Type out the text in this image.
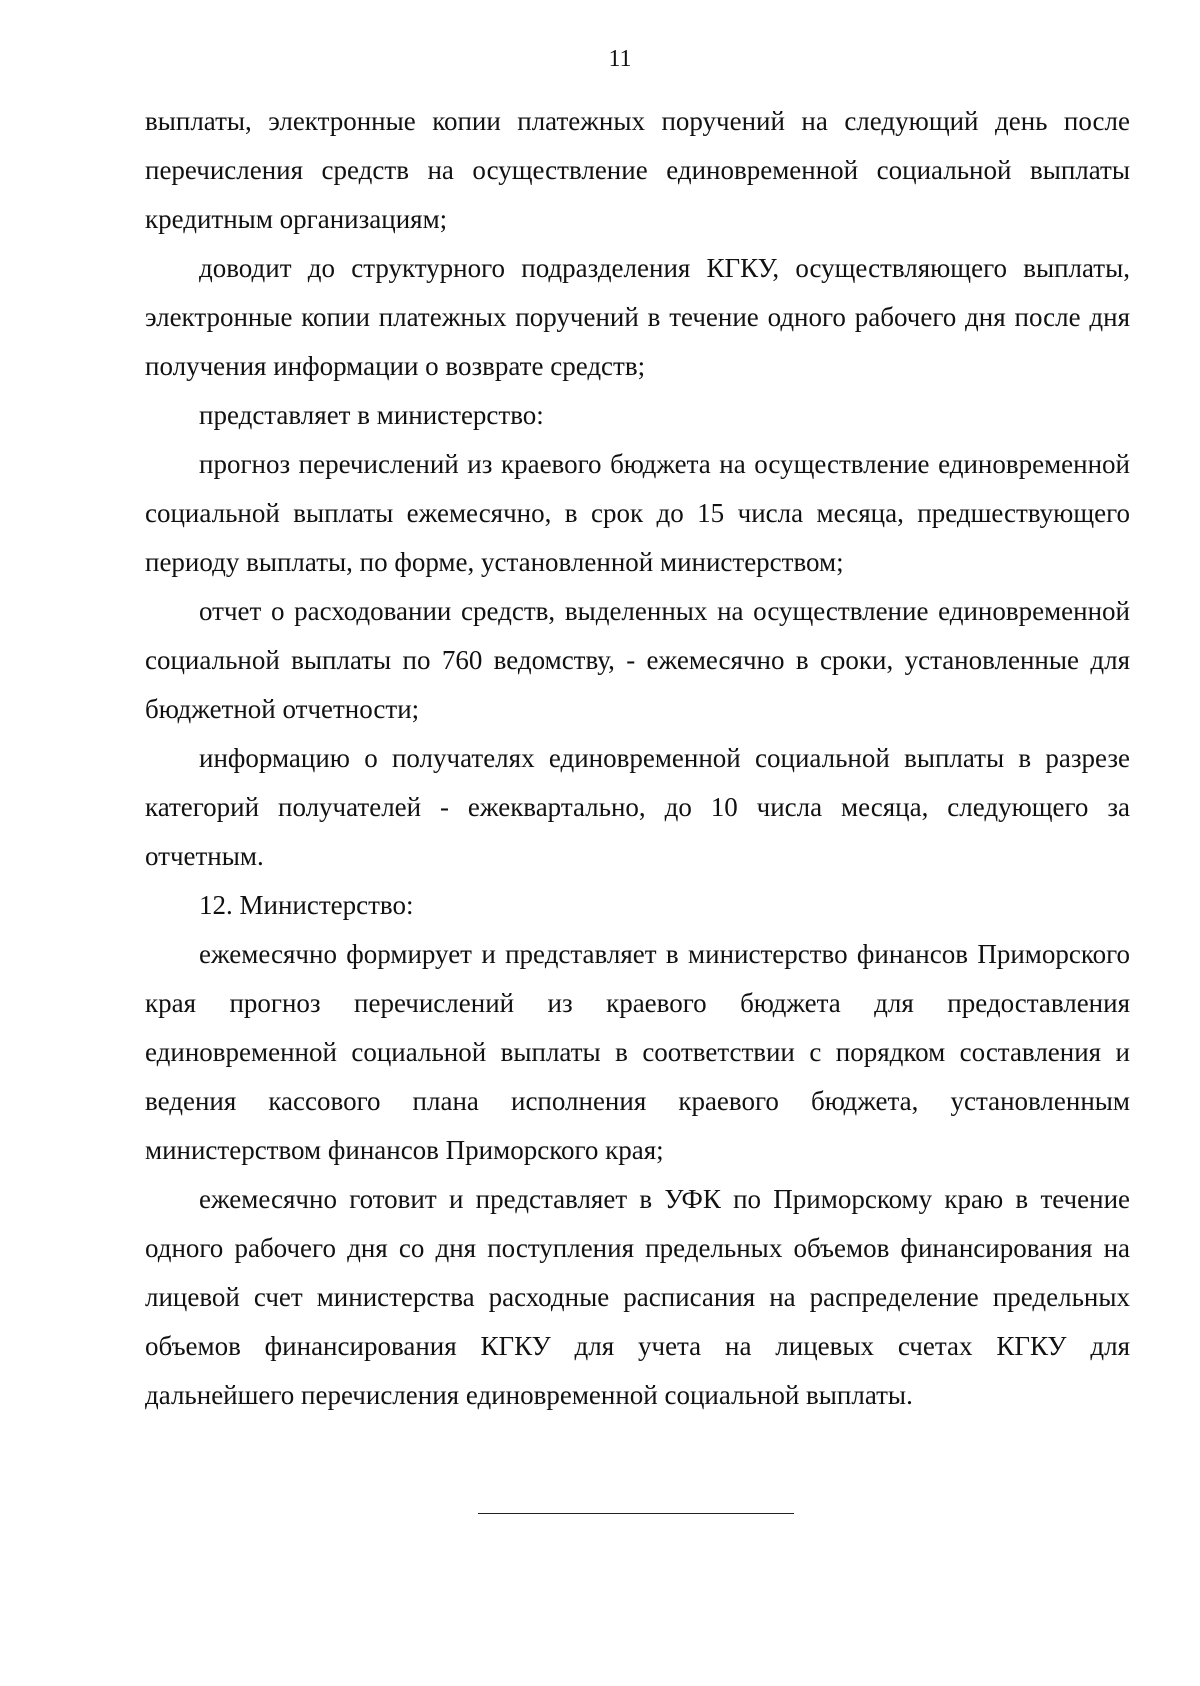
11

выплаты, электронные копии платежных поручений на следующий день после перечисления средств на осуществление единовременной социальной выплаты кредитным организациям;

доводит до структурного подразделения КГКУ, осуществляющего выплаты, электронные копии платежных поручений в течение одного рабочего дня после дня получения информации о возврате средств;

представляет в министерство:

прогноз перечислений из краевого бюджета на осуществление единовременной социальной выплаты ежемесячно, в срок до 15 числа месяца, предшествующего периоду выплаты, по форме, установленной министерством;

отчет о расходовании средств, выделенных на осуществление единовременной социальной выплаты по 760 ведомству, - ежемесячно в сроки, установленные для бюджетной отчетности;

информацию о получателях единовременной социальной выплаты в разрезе категорий получателей - ежеквартально, до 10 числа месяца, следующего за отчетным.

12. Министерство:

ежемесячно формирует и представляет в министерство финансов Приморского края прогноз перечислений из краевого бюджета для предоставления единовременной социальной выплаты в соответствии с порядком составления и ведения кассового плана исполнения краевого бюджета, установленным министерством финансов Приморского края;

ежемесячно готовит и представляет в УФК по Приморскому краю в течение одного рабочего дня со дня поступления предельных объемов финансирования на лицевой счет министерства расходные расписания на распределение предельных объемов финансирования КГКУ для учета на лицевых счетах КГКУ для дальнейшего перечисления единовременной социальной выплаты.
